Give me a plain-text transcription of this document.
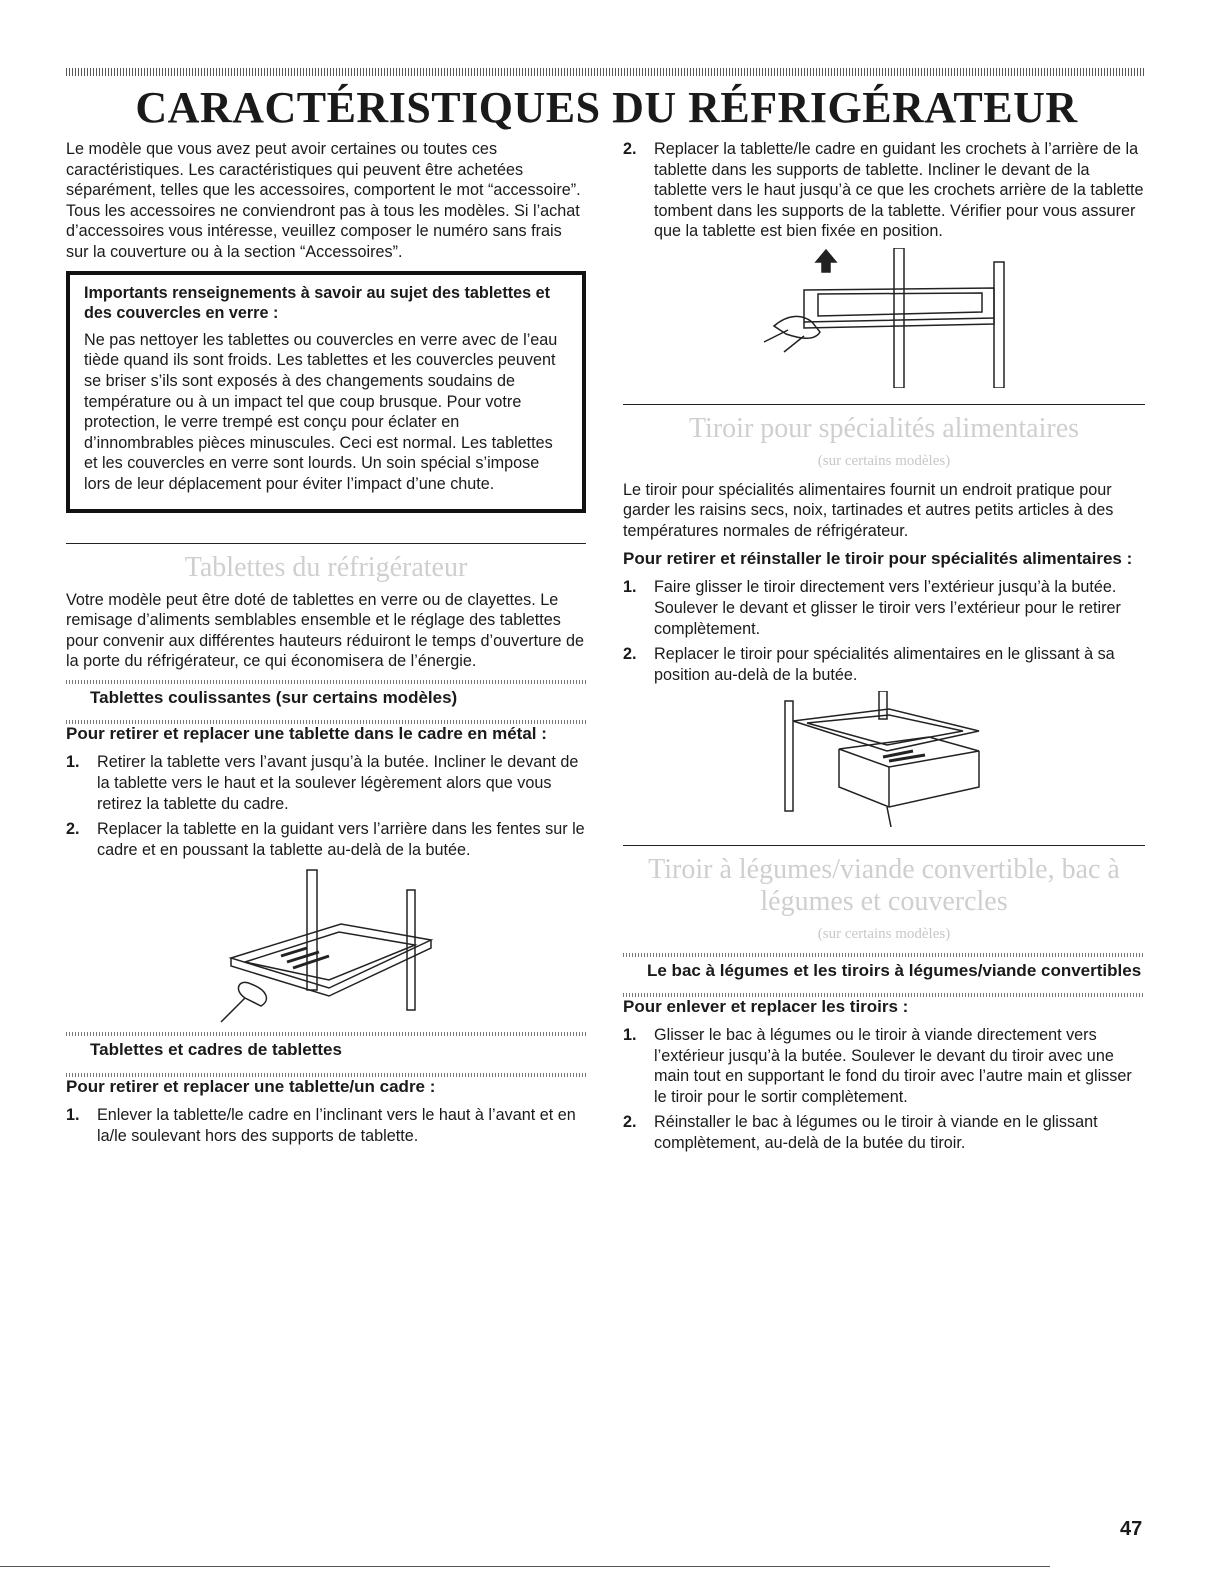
CARACTÉRISTIQUES DU RÉFRIGÉRATEUR

Le modèle que vous avez peut avoir certaines ou toutes ces caractéristiques. Les caractéristiques qui peuvent être achetées séparément, telles que les accessoires, comportent le mot “accessoire”. Tous les accessoires ne conviendront pas à tous les modèles. Si l’achat d’accessoires vous intéresse, veuillez composer le numéro sans frais sur la couverture ou à la section “Accessoires”.

Importants renseignements à savoir au sujet des tablettes et des couvercles en verre :

Ne pas nettoyer les tablettes ou couvercles en verre avec de l’eau tiède quand ils sont froids. Les tablettes et les couvercles peuvent se briser s’ils sont exposés à des changements soudains de température ou à un impact tel que coup brusque. Pour votre protection, le verre trempé est conçu pour éclater en d’innombrables pièces minuscules. Ceci est normal. Les tablettes et les couvercles en verre sont lourds. Un soin spécial s’impose lors de leur déplacement pour éviter l’impact d’une chute.

Tablettes du réfrigérateur

Votre modèle peut être doté de tablettes en verre ou de clayettes. Le remisage d’aliments semblables ensemble et le réglage des tablettes pour convenir aux différentes hauteurs réduiront le temps d’ouverture de la porte du réfrigérateur, ce qui économisera de l’énergie.

Tablettes coulissantes (sur certains modèles)

Pour retirer et replacer une tablette dans le cadre en métal :

1. Retirer la tablette vers l’avant jusqu’à la butée. Incliner le devant de la tablette vers le haut et la soulever légèrement alors que vous retirez la tablette du cadre.
2. Replacer la tablette en la guidant vers l’arrière dans les fentes sur le cadre et en poussant la tablette au-delà de la butée.

Tablettes et cadres de tablettes

Pour retirer et replacer une tablette/un cadre :

1. Enlever la tablette/le cadre en l’inclinant vers le haut à l’avant et en la/le soulevant hors des supports de tablette.
2. Replacer la tablette/le cadre en guidant les crochets à l’arrière de la tablette dans les supports de tablette. Incliner le devant de la tablette vers le haut jusqu’à ce que les crochets arrière de la tablette tombent dans les supports de la tablette. Vérifier pour vous assurer que la tablette est bien fixée en position.
Tiroir pour spécialités alimentaires

(sur certains modèles)

Le tiroir pour spécialités alimentaires fournit un endroit pratique pour garder les raisins secs, noix, tartinades et autres petits articles à des températures normales de réfrigérateur.

Pour retirer et réinstaller le tiroir pour spécialités alimentaires :

1. Faire glisser le tiroir directement vers l’extérieur jusqu’à la butée. Soulever le devant et glisser le tiroir vers l’extérieur pour le retirer complètement.
2. Replacer le tiroir pour spécialités alimentaires en le glissant à sa position au-delà de la butée.
Tiroir à légumes/viande convertible, bac à
légumes et couvercles

(sur certains modèles)

Le bac à légumes et les tiroirs à légumes/viande convertibles

Pour enlever et replacer les tiroirs :

1. Glisser le bac à légumes ou le tiroir à viande directement vers l’extérieur jusqu’à la butée. Soulever le devant du tiroir avec une main tout en supportant le fond du tiroir avec l’autre main et glisser le tiroir pour le sortir complètement.
2. Réinstaller le bac à légumes ou le tiroir à viande en le glissant complètement, au-delà de la butée du tiroir.
47
